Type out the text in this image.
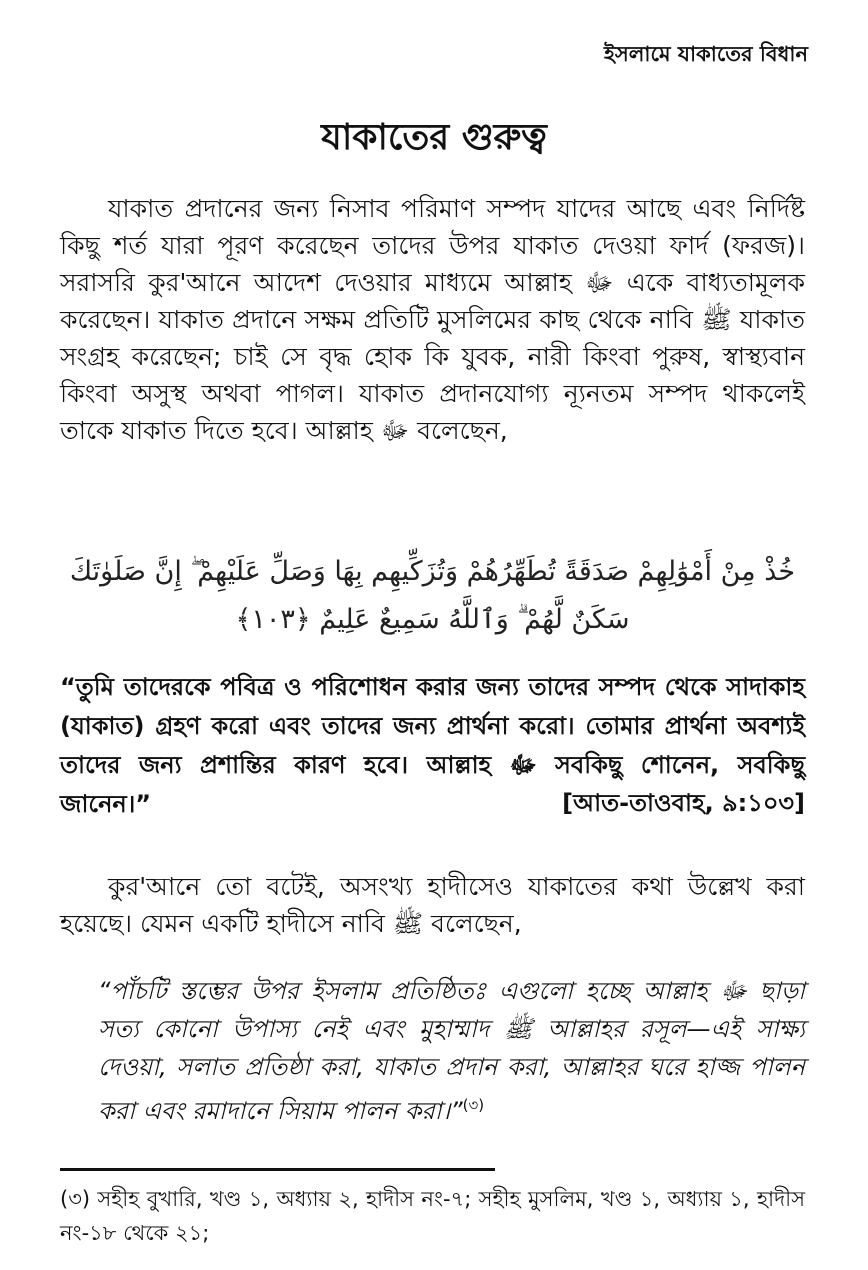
ইসলামে যাকাতের বিধান
যাকাতের গুরুত্ব

যাকাত প্রদানের জন্য নিসাব পরিমাণ সম্পদ যাদের আছে এবং নির্দিষ্ট কিছু শর্ত যারা পূরণ করেছেন তাদের উপর যাকাত দেওয়া ফার্দ (ফরজ)। সরাসরি কুর'আনে আদেশ দেওয়ার মাধ্যমে আল্লাহ ﷻ একে বাধ্যতামূলক করেছেন। যাকাত প্রদানে সক্ষম প্রতিটি মুসলিমের কাছ থেকে নাবি ﷺ যাকাত সংগ্রহ করেছেন; চাই সে বৃদ্ধ হোক কি যুবক, নারী কিংবা পুরুষ, স্বাস্থ্যবান কিংবা অসুস্থ অথবা পাগল। যাকাত প্রদানযোগ্য ন্যূনতম সম্পদ থাকলেই তাকে যাকাত দিতে হবে। আল্লাহ ﷻ বলেছেন,

خُذْ مِنْ أَمْوَٰلِهِمْ صَدَقَةً تُطَهِّرُهُمْ وَتُزَكِّيهِم بِهَا وَصَلِّ عَلَيْهِمْ ۖ إِنَّ صَلَوٰتَكَ سَكَنٌ لَّهُمْ ۗ وَٱللَّهُ سَمِيعٌ عَلِيمٌ ﴿١٠٣﴾

“তুমি তাদেরকে পবিত্র ও পরিশোধন করার জন্য তাদের সম্পদ থেকে সাদাকাহ (যাকাত) গ্রহণ করো এবং তাদের জন্য প্রার্থনা করো। তোমার প্রার্থনা অবশ্যই তাদের জন্য প্রশান্তির কারণ হবে। আল্লাহ ﷻ সবকিছু শোনেন, সবকিছু জানেন।”	[আত-তাওবাহ, ৯:১০৩]

কুর'আনে তো বটেই, অসংখ্য হাদীসেও যাকাতের কথা উল্লেখ করা হয়েছে। যেমন একটি হাদীসে নাবি ﷺ বলেছেন,

“পাঁচটি স্তম্ভের উপর ইসলাম প্রতিষ্ঠিতঃ এগুলো হচ্ছে আল্লাহ ﷻ ছাড়া সত্য কোনো উপাস্য নেই এবং মুহাম্মাদ ﷺ আল্লাহর রসূল—এই সাক্ষ্য দেওয়া, সলাত প্রতিষ্ঠা করা, যাকাত প্রদান করা, আল্লাহর ঘরে হাজ্জ পালন করা এবং রমাদানে সিয়াম পালন করা।”$^{(৩)}$

(৩) সহীহ বুখারি, খণ্ড ১, অধ্যায় ২, হাদীস নং-৭; সহীহ মুসলিম, খণ্ড ১, অধ্যায় ১, হাদীস নং-১৮ থেকে ২১;
